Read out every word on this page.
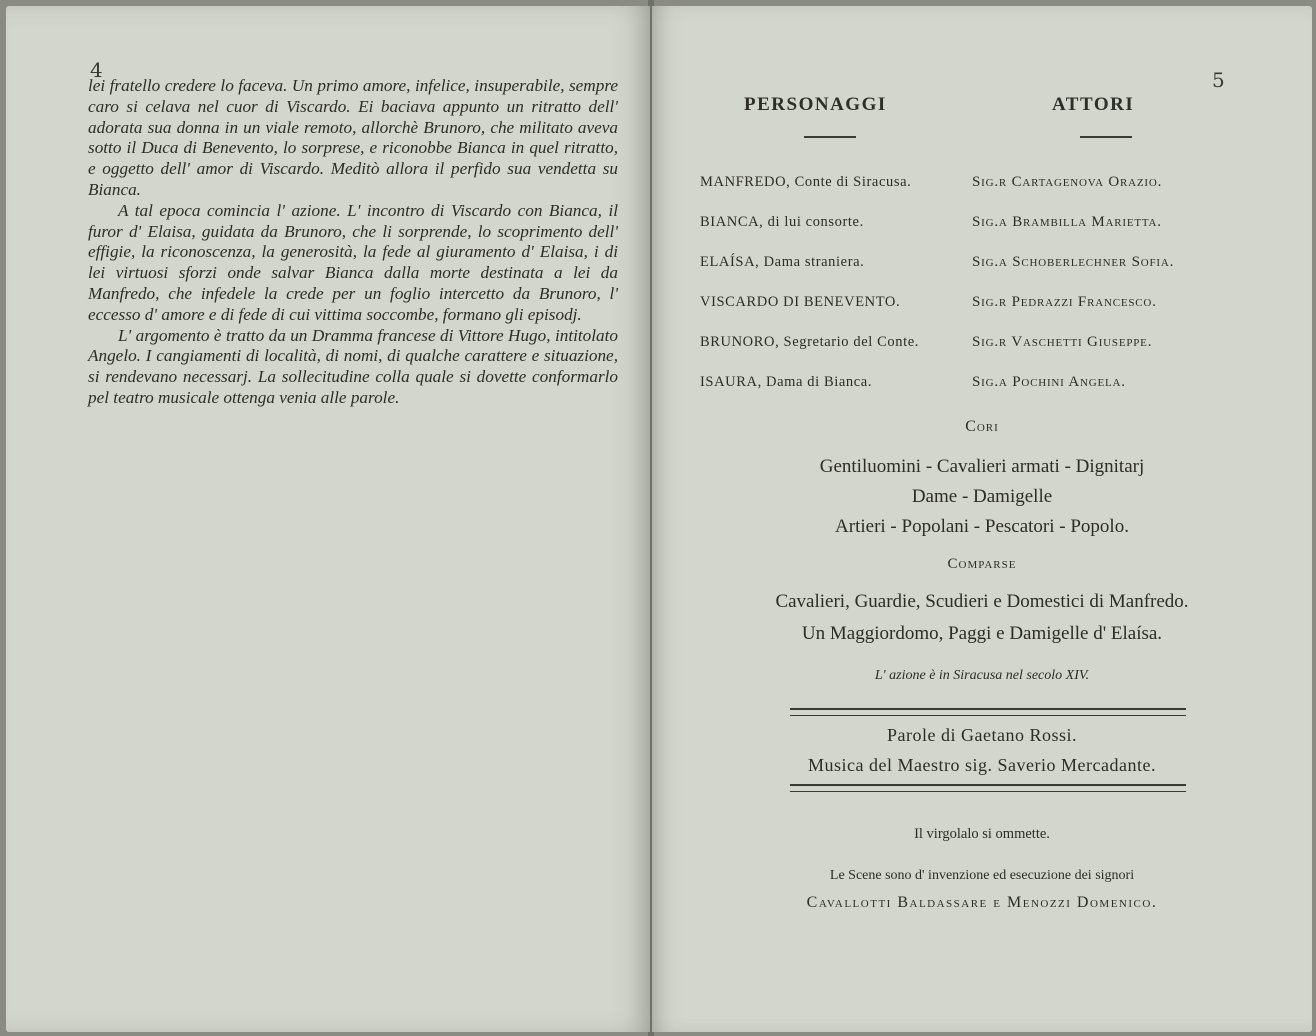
4

lei fratello credere lo faceva. Un primo amore, infelice, insuperabile, sempre caro si celava nel cuor di Viscardo. Ei baciava appunto un ritratto dell' adorata sua donna in un viale remoto, allorchè Brunoro, che militato aveva sotto il Duca di Benevento, lo sorprese, e riconobbe Bianca in quel ritratto, e oggetto dell' amor di Viscardo. Meditò allora il perfido sua vendetta su Bianca.

A tal epoca comincia l' azione. L' incontro di Viscardo con Bianca, il furor d' Elaisa, guidata da Brunoro, che li sorprende, lo scoprimento dell' effigie, la riconoscenza, la generosità, la fede al giuramento d' Elaisa, i di lei virtuosi sforzi onde salvar Bianca dalla morte destinata a lei da Manfredo, che infedele la crede per un foglio intercetto da Brunoro, l' eccesso d' amore e di fede di cui vittima soccombe, formano gli episodj.

L' argomento è tratto da un Dramma francese di Vittore Hugo, intitolato Angelo. I cangiamenti di località, di nomi, di qualche carattere e situazione, si rendevano necessarj. La sollecitudine colla quale si dovette conformarlo pel teatro musicale ottenga venia alle parole.

5
PERSONAGGI	ATTORI
MANFREDO, Conte di Siracusa.	Sig.r Cartagenova Orazio.
BIANCA, di lui consorte.	Sig.a Brambilla Marietta.
ELAÍSA, Dama straniera.	Sig.a Schoberlechner Sofia.
VISCARDO DI BENEVENTO.	Sig.r Pedrazzi Francesco.
BRUNORO, Segretario del Conte.	Sig.r Vaschetti Giuseppe.
ISAURA, Dama di Bianca.	Sig.a Pochini Angela.
Cori
Gentiluomini - Cavalieri armati - Dignitarj
Dame - Damigelle
Artieri - Popolani - Pescatori - Popolo.
Comparse
Cavalieri, Guardie, Scudieri e Domestici di Manfredo.
Un Maggiordomo, Paggi e Damigelle d' Elaísa.
L' azione è in Siracusa nel secolo XIV.
Parole di Gaetano Rossi.
Musica del Maestro sig. Saverio Mercadante.
Il virgolalo si ommette.
Le Scene sono d' invenzione ed esecuzione dei signori
Cavallotti Baldassare e Menozzi Domenico.
